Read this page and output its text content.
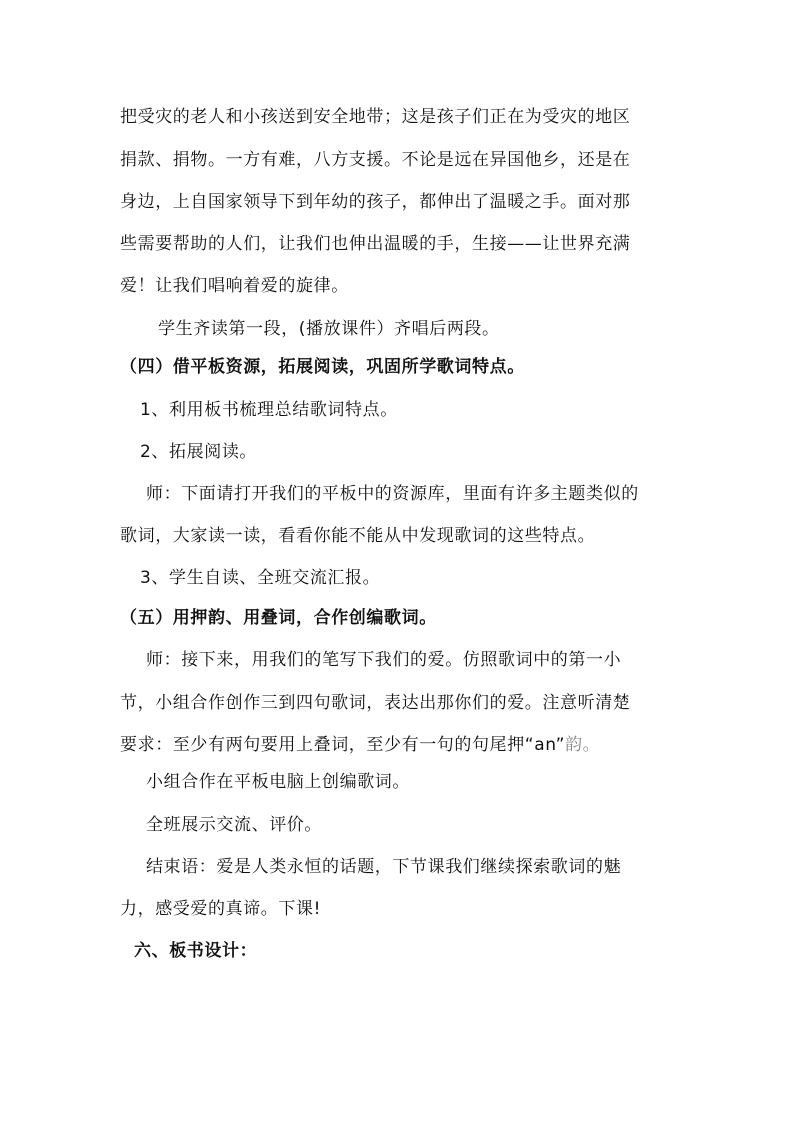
把受灾的老人和小孩送到安全地带；这是孩子们正在为受灾的地区
捐款、捐物。一方有难，八方支援。不论是远在异国他乡，还是在
身边，上自国家领导下到年幼的孩子，都伸出了温暖之手。面对那
些需要帮助的人们，让我们也伸出温暖的手，生接——让世界充满
爱！让我们唱响着爱的旋律。
学生齐读第一段，(播放课件）齐唱后两段。
（四）借平板资源，拓展阅读，巩固所学歌词特点。
1、利用板书梳理总结歌词特点。
2、拓展阅读。
师：下面请打开我们的平板中的资源库，里面有许多主题类似的
歌词，大家读一读，看看你能不能从中发现歌词的这些特点。
3、学生自读、全班交流汇报。
（五）用押韵、用叠词，合作创编歌词。
师：接下来，用我们的笔写下我们的爱。仿照歌词中的第一小
节，小组合作创作三到四句歌词，表达出那你们的爱。注意听清楚
要求：至少有两句要用上叠词，至少有一句的句尾押“an”韵。
小组合作在平板电脑上创编歌词。
全班展示交流、评价。
结束语：爱是人类永恒的话题，下节课我们继续探索歌词的魅
力，感受爱的真谛。下课!
六、板书设计：
